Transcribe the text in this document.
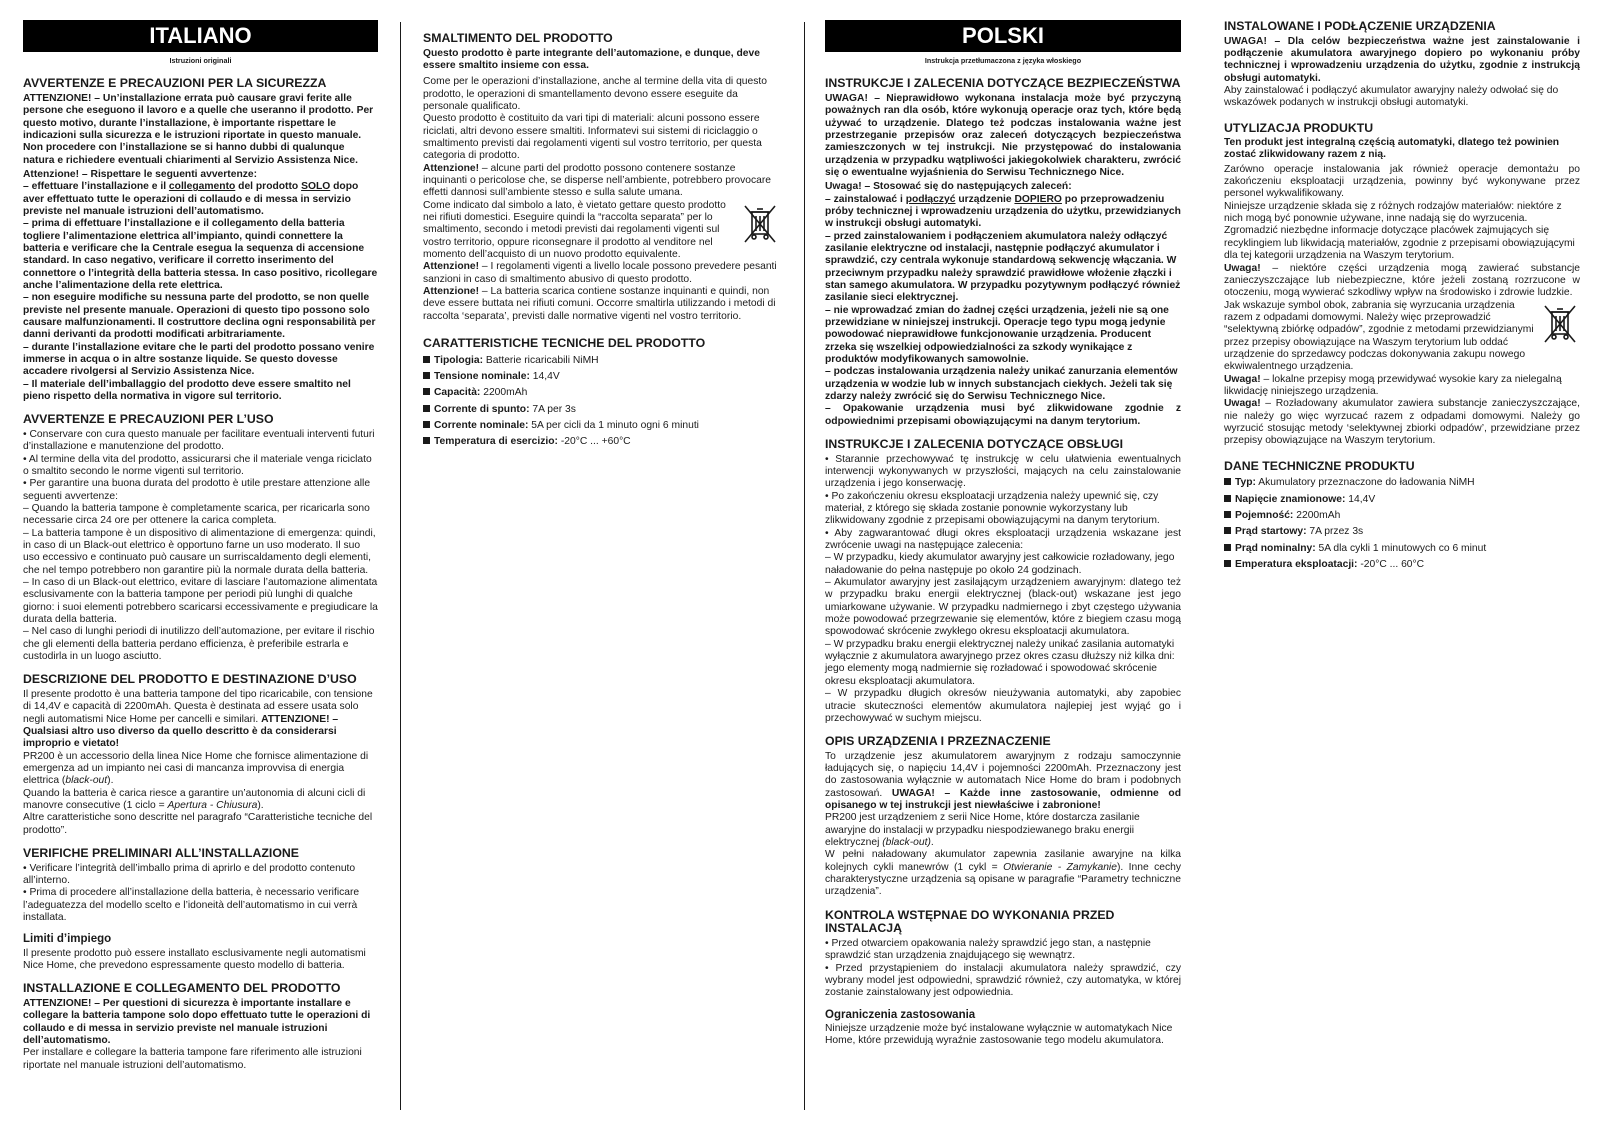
ITALIANO
Istruzioni originali
AVVERTENZE E PRECAUZIONI PER LA SICUREZZA

ATTENZIONE! – Un’installazione errata può causare gravi ferite alle persone che eseguono il lavoro e a quelle che useranno il prodotto. Per questo motivo, durante l’installazione, è importante rispettare le indicazioni sulla sicurezza e le istruzioni riportate in questo manuale. Non procedere con l’installazione se si hanno dubbi di qualunque natura e richiedere eventuali chiarimenti al Servizio Assistenza Nice.

Attenzione! – Rispettare le seguenti avvertenze:

– effettuare l’installazione e il collegamento del prodotto SOLO dopo aver effettuato tutte le operazioni di collaudo e di messa in servizio previste nel manuale istruzioni dell’automatismo.

– prima di effettuare l’installazione e il collegamento della batteria togliere l’alimentazione elettrica all’impianto, quindi connettere la batteria e verificare che la Centrale esegua la sequenza di accensione standard. In caso negativo, verificare il corretto inserimento del connettore o l’integrità della batteria stessa. In caso positivo, ricollegare anche l’alimentazione della rete elettrica.

– non eseguire modifiche su nessuna parte del prodotto, se non quelle previste nel presente manuale. Operazioni di questo tipo possono solo causare malfunzionamenti. Il costruttore declina ogni responsabilità per danni derivanti da prodotti modificati arbitrariamente.

– durante l’installazione evitare che le parti del prodotto possano venire immerse in acqua o in altre sostanze liquide. Se questo dovesse accadere rivolgersi al Servizio Assistenza Nice.

– Il materiale dell’imballaggio del prodotto deve essere smaltito nel pieno rispetto della normativa in vigore sul territorio.

AVVERTENZE E PRECAUZIONI PER L’USO

• Conservare con cura questo manuale per facilitare eventuali interventi futuri d’installazione e manutenzione del prodotto.

• Al termine della vita del prodotto, assicurarsi che il materiale venga riciclato o smaltito secondo le norme vigenti sul territorio.

• Per garantire una buona durata del prodotto è utile prestare attenzione alle seguenti avvertenze:

– Quando la batteria tampone è completamente scarica, per ricaricarla sono necessarie circa 24 ore per ottenere la carica completa.

– La batteria tampone è un dispositivo di alimentazione di emergenza: quindi, in caso di un Black-out elettrico è opportuno farne un uso moderato. Il suo uso eccessivo e continuato può causare un surriscaldamento degli elementi, che nel tempo potrebbero non garantire più la normale durata della batteria.

– In caso di un Black-out elettrico, evitare di lasciare l’automazione alimentata esclusivamente con la batteria tampone per periodi più lunghi di qualche giorno: i suoi elementi potrebbero scaricarsi eccessivamente e pregiudicare la durata della batteria.

– Nel caso di lunghi periodi di inutilizzo dell’automazione, per evitare il rischio che gli elementi della batteria perdano efficienza, è preferibile estrarla e custodirla in un luogo asciutto.

DESCRIZIONE DEL PRODOTTO E DESTINAZIONE D’USO

Il presente prodotto è una batteria tampone del tipo ricaricabile, con tensione di 14,4V e capacità di 2200mAh. Questa è destinata ad essere usata solo negli automatismi Nice Home per cancelli e similari. ATTENZIONE! – Qualsiasi altro uso diverso da quello descritto è da considerarsi improprio e vietato!

PR200 è un accessorio della linea Nice Home che fornisce alimentazione di emergenza ad un impianto nei casi di mancanza improvvisa di energia elettrica (black-out).

Quando la batteria è carica riesce a garantire un’autonomia di alcuni cicli di manovre consecutive (1 ciclo = Apertura - Chiusura).

Altre caratteristiche sono descritte nel paragrafo “Caratteristiche tecniche del prodotto”.

VERIFICHE PRELIMINARI ALL’INSTALLAZIONE

• Verificare l’integrità dell’imballo prima di aprirlo e del prodotto contenuto all’interno.

• Prima di procedere all’installazione della batteria, è necessario verificare l’adeguatezza del modello scelto e l’idoneità dell’automatismo in cui verrà installata.

Limiti d’impiego

Il presente prodotto può essere installato esclusivamente negli automatismi Nice Home, che prevedono espressamente questo modello di batteria.

INSTALLAZIONE E COLLEGAMENTO DEL PRODOTTO

ATTENZIONE! – Per questioni di sicurezza è importante installare e collegare la batteria tampone solo dopo effettuato tutte le operazioni di collaudo e di messa in servizio previste nel manuale istruzioni dell’automatismo.

Per installare e collegare la batteria tampone fare riferimento alle istruzioni riportate nel manuale istruzioni dell’automatismo.

SMALTIMENTO DEL PRODOTTO

Questo prodotto è parte integrante dell’automazione, e dunque, deve essere smaltito insieme con essa.

Come per le operazioni d’installazione, anche al termine della vita di questo prodotto, le operazioni di smantellamento devono essere eseguite da personale qualificato.

Questo prodotto è costituito da vari tipi di materiali: alcuni possono essere riciclati, altri devono essere smaltiti. Informatevi sui sistemi di riciclaggio o smaltimento previsti dai regolamenti vigenti sul vostro territorio, per questa categoria di prodotto.

Attenzione! – alcune parti del prodotto possono contenere sostanze inquinanti o pericolose che, se disperse nell’ambiente, potrebbero provocare effetti dannosi sull’ambiente stesso e sulla salute umana.

Come indicato dal simbolo a lato, è vietato gettare questo prodotto nei rifiuti domestici. Eseguire quindi la “raccolta separata” per lo smaltimento, secondo i metodi previsti dai regolamenti vigenti sul vostro territorio, oppure riconsegnare il prodotto al venditore nel momento dell’acquisto di un nuovo prodotto equivalente.

Attenzione! – I regolamenti vigenti a livello locale possono prevedere pesanti sanzioni in caso di smaltimento abusivo di questo prodotto.

Attenzione! – La batteria scarica contiene sostanze inquinanti e quindi, non deve essere buttata nei rifiuti comuni. Occorre smaltirla utilizzando i metodi di raccolta ‘separata’, previsti dalle normative vigenti nel vostro territorio.

CARATTERISTICHE TECNICHE DEL PRODOTTO

Tipologia: Batterie ricaricabili NiMH

Tensione nominale: 14,4V

Capacità: 2200mAh

Corrente di spunto: 7A per 3s

Corrente nominale: 5A per cicli da 1 minuto ogni 6 minuti

Temperatura di esercizio: -20°C ... +60°C

POLSKI
Instrukcja przetłumaczona z języka włoskiego
INSTRUKCJE I ZALECENIA DOTYCZĄCE BEZPIECZEŃSTWA

UWAGA! – Nieprawidłowo wykonana instalacja może być przyczyną poważnych ran dla osób, które wykonują operacje oraz tych, które będą używać to urządzenie. Dlatego też podczas instalowania ważne jest przestrzeganie przepisów oraz zaleceń dotyczących bezpieczeństwa zamieszczonych w tej instrukcji. Nie przystępować do instalowania urządzenia w przypadku wątpliwości jakiegokolwiek charakteru, zwrócić się o ewentualne wyjaśnienia do Serwisu Technicznego Nice.

Uwaga! – Stosować się do następujących zaleceń:

– zainstalować i podłączyć urządzenie DOPIERO po przeprowadzeniu próby technicznej i wprowadzeniu urządzenia do użytku, przewidzianych w instrukcji obsługi automatyki.

– przed zainstalowaniem i podłączeniem akumulatora należy odłączyć zasilanie elektryczne od instalacji, następnie podłączyć akumulator i sprawdzić, czy centrala wykonuje standardową sekwencję włączania. W przeciwnym przypadku należy sprawdzić prawidłowe włożenie złączki i stan samego akumulatora. W przypadku pozytywnym podłączyć również zasilanie sieci elektrycznej.

– nie wprowadzać zmian do żadnej części urządzenia, jeżeli nie są one przewidziane w niniejszej instrukcji. Operacje tego typu mogą jedynie powodować nieprawidłowe funkcjonowanie urządzenia. Producent zrzeka się wszelkiej odpowiedzialności za szkody wynikające z produktów modyfikowanych samowolnie.

– podczas instalowania urządzenia należy unikać zanurzania elementów urządzenia w wodzie lub w innych substancjach ciekłych. Jeżeli tak się zdarzy należy zwrócić się do Serwisu Technicznego Nice.

– Opakowanie urządzenia musi być zlikwidowane zgodnie z odpowiednimi przepisami obowiązującymi na danym terytorium.

INSTRUKCJE I ZALECENIA DOTYCZĄCE OBSŁUGI

• Starannie przechowywać tę instrukcję w celu ułatwienia ewentualnych interwencji wykonywanych w przyszłości, mających na celu zainstalowanie urządzenia i jego konserwację.

• Po zakończeniu okresu eksploatacji urządzenia należy upewnić się, czy materiał, z którego się składa zostanie ponownie wykorzystany lub zlikwidowany zgodnie z przepisami obowiązującymi na danym terytorium.

• Aby zagwarantować długi okres eksploatacji urządzenia wskazane jest zwrócenie uwagi na następujące zalecenia:

– W przypadku, kiedy akumulator awaryjny jest całkowicie rozładowany, jego naładowanie do pełna następuje po około 24 godzinach.

– Akumulator awaryjny jest zasilającym urządzeniem awaryjnym: dlatego też w przypadku braku energii elektrycznej (black-out) wskazane jest jego umiarkowane używanie. W przypadku nadmiernego i zbyt częstego używania może powodować przegrzewanie się elementów, które z biegiem czasu mogą spowodować skrócenie zwykłego okresu eksploatacji akumulatora.

– W przypadku braku energii elektrycznej należy unikać zasilania automatyki wyłącznie z akumulatora awaryjnego przez okres czasu dłuższy niż kilka dni: jego elementy mogą nadmiernie się rozładować i spowodować skrócenie okresu eksploatacji akumulatora.

– W przypadku długich okresów nieużywania automatyki, aby zapobiec utracie skuteczności elementów akumulatora najlepiej jest wyjąć go i przechowywać w suchym miejscu.

OPIS URZĄDZENIA I PRZEZNACZENIE

To urządzenie jesz akumulatorem awaryjnym z rodzaju samoczynnie ładujących się, o napięciu 14,4V i pojemności 2200mAh. Przeznaczony jest do zastosowania wyłącznie w automatach Nice Home do bram i podobnych zastosowań. UWAGA! – Każde inne zastosowanie, odmienne od opisanego w tej instrukcji jest niewłaściwe i zabronione!

PR200 jest urządzeniem z serii Nice Home, które dostarcza zasilanie awaryjne do instalacji w przypadku niespodziewanego braku energii elektrycznej (black-out).

W pełni naładowany akumulator zapewnia zasilanie awaryjne na kilka kolejnych cykli manewrów (1 cykl = Otwieranie - Zamykanie). Inne cechy charakterystyczne urządzenia są opisane w paragrafie “Parametry techniczne urządzenia”.

KONTROLA WSTĘPNAE DO WYKONANIA PRZED INSTALACJĄ

• Przed otwarciem opakowania należy sprawdzić jego stan, a następnie sprawdzić stan urządzenia znajdującego się wewnątrz.

• Przed przystąpieniem do instalacji akumulatora należy sprawdzić, czy wybrany model jest odpowiedni, sprawdzić również, czy automatyka, w której zostanie zainstalowany jest odpowiednia.

Ograniczenia zastosowania

Niniejsze urządzenie może być instalowane wyłącznie w automatykach Nice Home, które przewidują wyraźnie zastosowanie tego modelu akumulatora.

INSTALOWANE I PODŁĄCZENIE URZĄDZENIA

UWAGA! – Dla celów bezpieczeństwa ważne jest zainstalowanie i podłączenie akumulatora awaryjnego dopiero po wykonaniu próby technicznej i wprowadzeniu urządzenia do użytku, zgodnie z instrukcją obsługi automatyki.

Aby zainstalować i podłączyć akumulator awaryjny należy odwołać się do wskazówek podanych w instrukcji obsługi automatyki.

UTYLIZACJA PRODUKTU

Ten produkt jest integralną częścią automatyki, dlatego też powinien zostać zlikwidowany razem z nią.

Zarówno operacje instalowania jak również operacje demontażu po zakończeniu eksploatacji urządzenia, powinny być wykonywane przez personel wykwalifikowany.

Niniejsze urządzenie składa się z różnych rodzajów materiałów: niektóre z nich mogą być ponownie używane, inne nadają się do wyrzucenia. Zgromadzić niezbędne informacje dotyczące placówek zajmujących się recyklingiem lub likwidacją materiałów, zgodnie z przepisami obowiązującymi dla tej kategorii urządzenia na Waszym terytorium.

Uwaga! – niektóre części urządzenia mogą zawierać substancje zanieczyszczające lub niebezpieczne, które jeżeli zostaną rozrzucone w otoczeniu, mogą wywierać szkodliwy wpływ na środowisko i zdrowie ludzkie.

Jak wskazuje symbol obok, zabrania się wyrzucania urządzenia razem z odpadami domowymi. Należy więc przeprowadzić “selektywną zbiórkę odpadów”, zgodnie z metodami przewidzianymi przez przepisy obowiązujące na Waszym terytorium lub oddać urządzenie do sprzedawcy podczas dokonywania zakupu nowego ekwiwalentnego urządzenia.

Uwaga! – lokalne przepisy mogą przewidywać wysokie kary za nielegalną likwidację niniejszego urządzenia.

Uwaga! – Rozładowany akumulator zawiera substancje zanieczyszczające, nie należy go więc wyrzucać razem z odpadami domowymi. Należy go wyrzucić stosując metody ‘selektywnej zbiorki odpadów’, przewidziane przez przepisy obowiązujące na Waszym terytorium.

DANE TECHNICZNE PRODUKTU

Typ: Akumulatory przeznaczone do ładowania NiMH

Napięcie znamionowe: 14,4V

Pojemność: 2200mAh

Prąd startowy: 7A przez 3s

Prąd nominalny: 5A dla cykli 1 minutowych co 6 minut

Emperatura eksploatacji: -20°C ... 60°C
